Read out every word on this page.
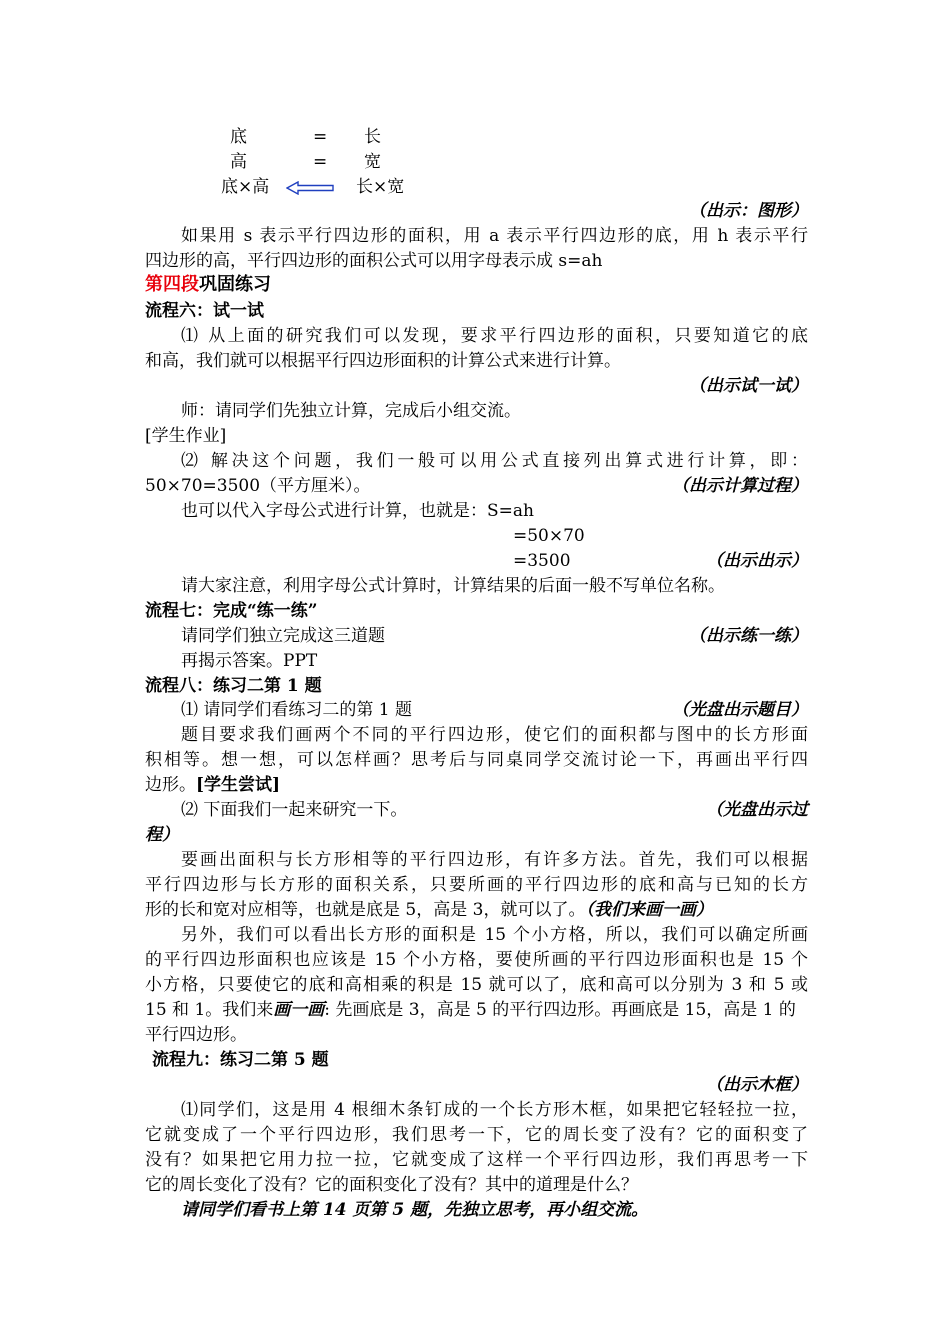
底	= 长
高	= 宽
底×高	长×宽
（出示：图形）
如果用 s 表示平行四边形的面积，用 a 表示平行四边形的底，用 h 表示平行
四边形的高，平行四边形的面积公式可以用字母表示成 s=ah
第四段巩固练习
流程六：试一试
⑴ 从上面的研究我们可以发现，要求平行四边形的面积，只要知道它的底
和高，我们就可以根据平行四边形面积的计算公式来进行计算。
（出示试一试）
师：请同学们先独立计算，完成后小组交流。
[学生作业]
⑵ 解决这个问题，我们一般可以用公式直接列出算式进行计算，即：
50×70=3500（平方厘米）。	（出示计算过程）
也可以代入字母公式进行计算，也就是：S=ah
=50×70
=3500	（出示出示）
请大家注意，利用字母公式计算时，计算结果的后面一般不写单位名称。
流程七：完成“练一练”
请同学们独立完成这三道题	（出示练一练）
再揭示答案。PPT
流程八：练习二第 1 题
⑴ 请同学们看练习二的第 1 题	（光盘出示题目）
题目要求我们画两个不同的平行四边形，使它们的面积都与图中的长方形面
积相等。想一想，可以怎样画？思考后与同桌同学交流讨论一下，再画出平行四
边形。[学生尝试]
⑵ 下面我们一起来研究一下。	（光盘出示过
程）
要画出面积与长方形相等的平行四边形，有许多方法。首先，我们可以根据
平行四边形与长方形的面积关系，只要所画的平行四边形的底和高与已知的长方
形的长和宽对应相等，也就是底是 5，高是 3，就可以了。（我们来画一画）
另外，我们可以看出长方形的面积是 15 个小方格，所以，我们可以确定所画
的平行四边形面积也应该是 15 个小方格，要使所画的平行四边形面积也是 15 个
小方格，只要使它的底和高相乘的积是 15 就可以了，底和高可以分别为 3 和 5 或
15 和 1。我们来画一画: 先画底是 3，高是 5 的平行四边形。再画底是 15，高是 1 的
平行四边形。
流程九：练习二第 5 题
（出示木框）
⑴同学们，这是用 4 根细木条钉成的一个长方形木框，如果把它轻轻拉一拉，
它就变成了一个平行四边形，我们思考一下，它的周长变了没有？它的面积变了
没有？如果把它用力拉一拉，它就变成了这样一个平行四边形，我们再思考一下
它的周长变化了没有？它的面积变化了没有？其中的道理是什么？
请同学们看书上第 14 页第 5 题，先独立思考，再小组交流。
